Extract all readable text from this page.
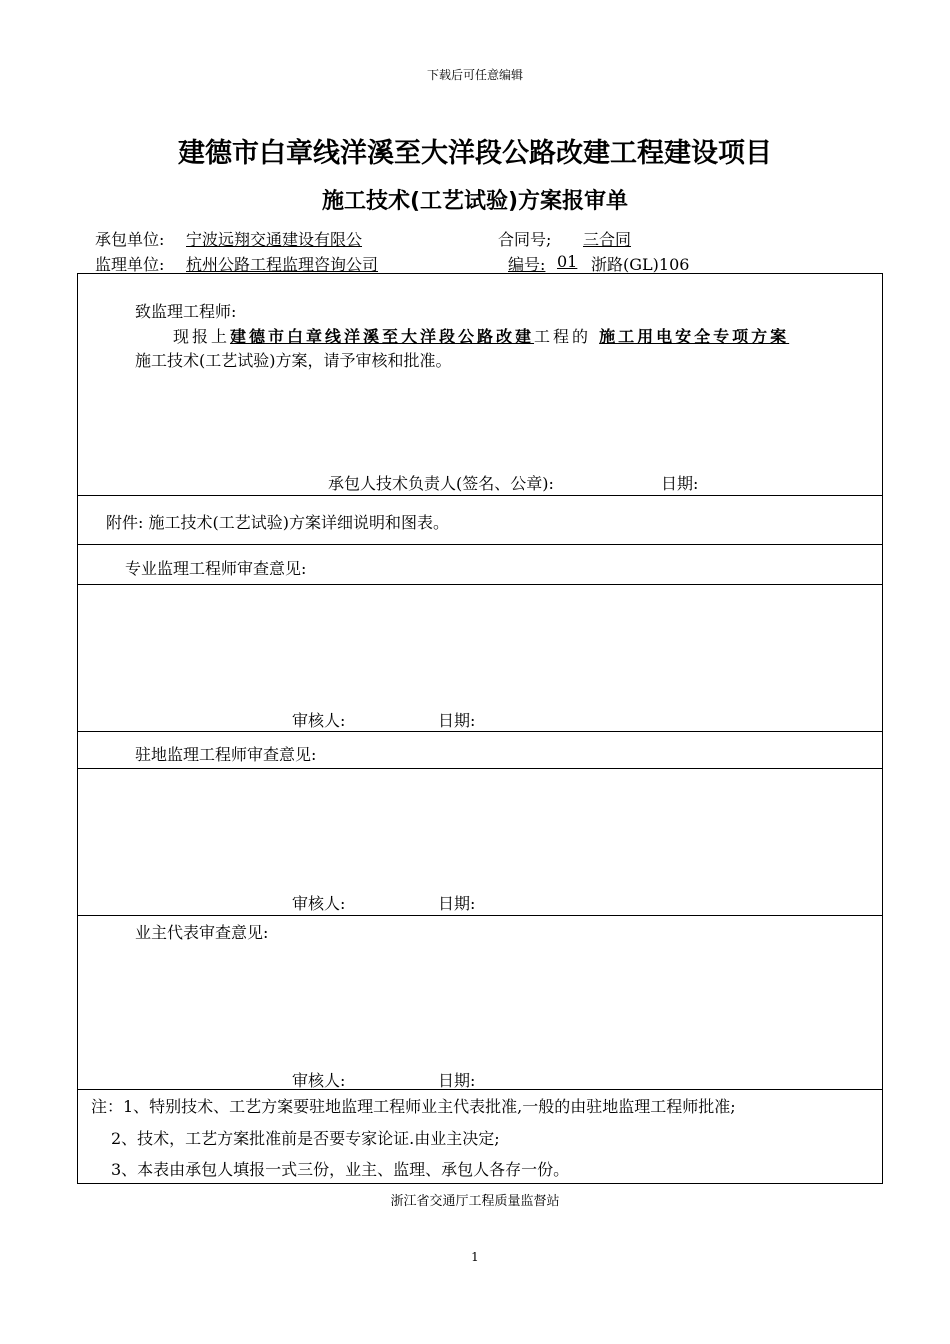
下载后可任意编辑
建德市白章线洋溪至大洋段公路改建工程建设项目
施工技术(工艺试验)方案报审单
承包单位: 宁波远翔交通建设有限公	合同号; 三合同
监理单位: 杭州公路工程监理咨询公司	编号: 01 浙路(GL)106
致监理工程师:
现报上建德市白章线洋溪至大洋段公路改建工程的 施工用电安全专项方案
施工技术(工艺试验)方案，请予审核和批准。
承包人技术负责人(签名、公章):	日期:
附件: 施工技术(工艺试验)方案详细说明和图表。
专业监理工程师审查意见:
审核人:	日期:
驻地监理工程师审查意见:
审核人:	日期:
业主代表审查意见:
审核人:	日期:
注：1、特别技术、工艺方案要驻地监理工程师业主代表批准,一般的由驻地监理工程师批准;
2、技术，工艺方案批准前是否要专家论证.由业主决定;
3、本表由承包人填报一式三份，业主、监理、承包人各存一份。
浙江省交通厅工程质量监督站
1
